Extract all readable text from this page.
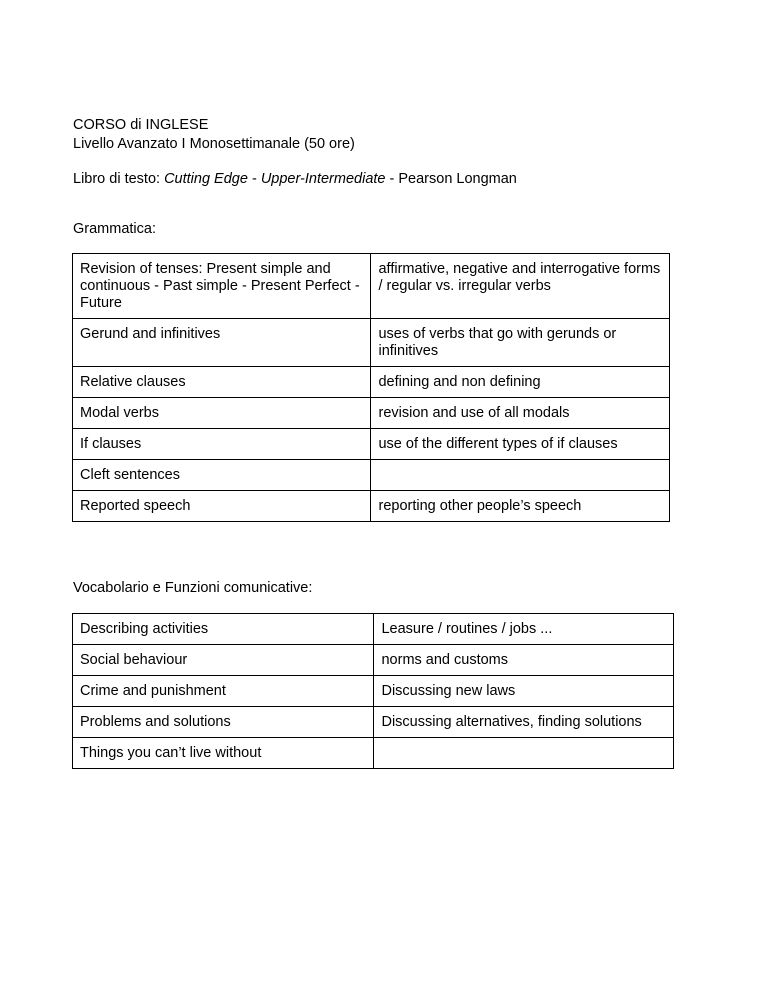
CORSO di INGLESE
Livello Avanzato I Monosettimanale (50 ore)
Libro di testo: Cutting Edge - Upper-Intermediate - Pearson Longman
Grammatica:
Revision of tenses: Present simple and continuous - Past simple - Present Perfect - Future	affirmative, negative and interrogative forms / regular vs. irregular verbs
Gerund and infinitives	uses of verbs that go with gerunds or infinitives
Relative clauses	defining and non defining
Modal verbs	revision and use of all modals
If clauses	use of the different types of if clauses
Cleft sentences	
Reported speech	reporting other people’s speech
Vocabolario e Funzioni comunicative:
Describing activities	Leasure / routines / jobs ...
Social behaviour	norms and customs
Crime and punishment	Discussing new laws
Problems and solutions	Discussing alternatives, finding solutions
Things you can’t live without	
